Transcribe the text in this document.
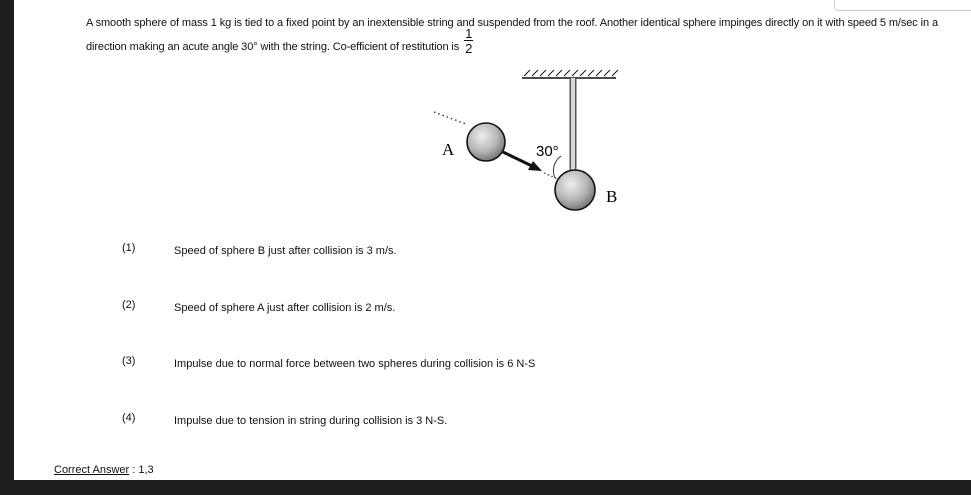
A smooth sphere of mass 1 kg is tied to a fixed point by an inextensible string and suspended from the roof. Another identical sphere impinges directly on it with speed 5 m/sec in a direction making an acute angle 30° with the string. Co-efficient of restitution is $\frac{1}{2}$
A
B
30°
(1)	Speed of sphere B just after collision is 3 m/s.
(2)	Speed of sphere A just after collision is 2 m/s.
(3)	Impulse due to normal force between two spheres during collision is 6 N-S
(4)	Impulse due to tension in string during collision is 3 N-S.
Correct Answer : 1,3
